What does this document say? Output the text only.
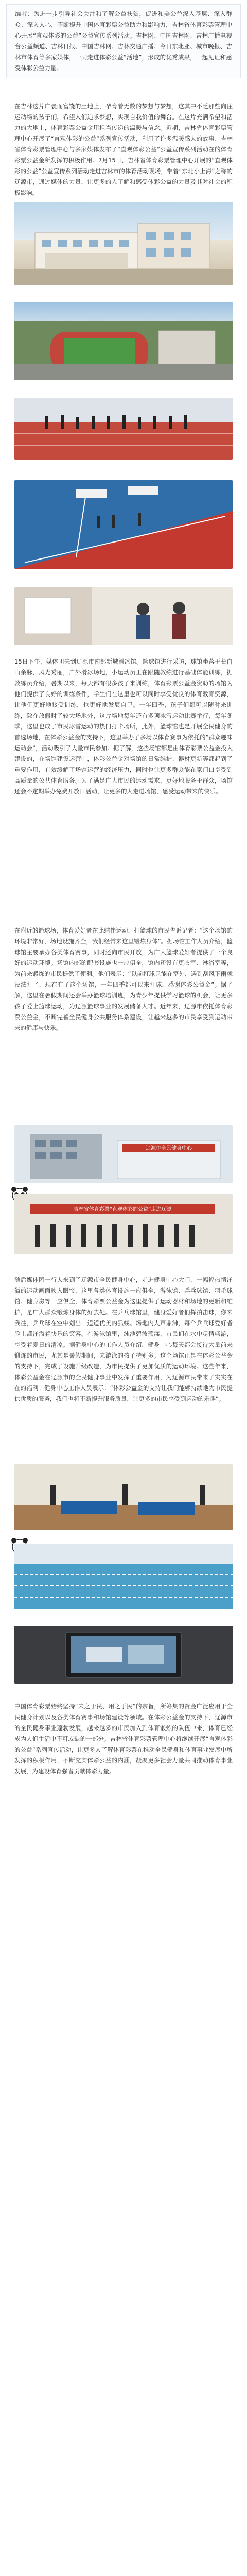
编者：为进一步引导社会关注和了解公益扶贫，促进和美公益深入基层、深入群众、深入人心，不断提升中国体育彩票公益助力和影响力，吉林省体育彩票管理中心开展“直观体彩的公益”公益宣传系列活动。吉林网、中国吉林网、吉林广播电视台公益频道、吉林日报、中国吉林网、吉林交通广播、今日东北亚、城市晚报、吉林市体育等多家媒体，一同走进体彩公益“活地”，形成的优秀成果，一起见证和感受体彩公益力量。

在吉林这片广袤而富饶的土地上，孕育着无数的梦想与梦想，这其中不乏那些向往运动场的孩子们，希望人们追求梦想，实现自我价值的舞台。在这片充满希望和活力的大地上，体育彩票公益金用担当传递的温暖与信念。近期，吉林省体育彩票管理中心开展了“直观体彩的公益”系列宣传活动，利用了许多温暖感人的故事、吉林省体育彩票管理中心与多家媒体发布了“直观体彩公益”公益宣传系列活动在的体育彩票公益金所发挥的积极作用。7月15日，吉林省体育彩票管理中心开展的“直观体彩的公益”公益宣传系列活动走进吉林市的体育活动现场，带着“东北小上海”之称的辽源市，通过媒体的力量，让更多的人了解和感受体彩公益的力量及其对社会的积极影响。

15日下午，媒体团来到辽源市南部新城滑冰馆。篮球馆进行采访，球馆坐落于长白山余脉，风光秀丽，户外滑冰场地，小运动员正在跟随教练进行基础体能训练，据教练员介绍，暑期以来，每天都有很多孩子来训练，体育彩票公益金资助的场馆为他们提供了良好的训练条件，学生们在这里也可以同时享受优良的体育教育资源，让他们更好地接受训练，也更好地发展自己。一年四季，孩子们都可以随时来训练，除在放假时了较大场地外，这片场地每年还有多项冰雪运动比赛举行，每年冬季，这里也成了市民冰雪运动的热门打卡场所，此外，篮球馆也是开展全民健身的首选场地，在体彩公益金的支持下，这里举办了多场以体育赛事为依托的“群众趣味运动会”，活动吸引了大量市民参加。据了解，这些场馆都是由体育彩票公益金投入建设的，在场馆建设运营中，体彩公益金对场馆的日常维护、器材更新等都起到了重要作用，有效缓解了场馆运营的经济压力，同时也让更多群众能在家门口享受到高质量的公共体育服务。为了满足广大市民的运动需求，更好地服务于群众，场馆还会不定期举办免费开放日活动，让更多的人走进场馆，感受运动带来的快乐。

在附近的篮球场，体育爱好者在此结伴运动，打篮球的市民告诉记者：“这个场馆的环境非常好，场地设施齐全，我们经常来这里锻炼身体”。据场馆工作人员介绍，篮球馆主要承办各类体育赛事，同时还向市民开放，为广大篮球爱好者提供了一个良好的运动环境。场馆内部的配套设施也一应俱全，馆内还设有更衣室、淋浴室等，为前来锻炼的市民提供了便利。他们表示：“以前打球只能在室外，遇到刮风下雨就没法打了，现在有了这个场馆，一年四季都可以来打球，感谢体彩公益金”。据了解，这里在暑假期间还会举办篮球培训班，为青少年提供学习篮球的机会，让更多孩子爱上篮球运动，为辽源篮球事业的发展储备人才。近年来，辽源市依托体育彩票公益金，不断完善全民健身公共服务体系建设，让越来越多的市民享受到运动带来的健康与快乐。

辽源市全民健身中心
吉林省体育彩票“直观体彩的公益”走进辽源

随后媒体团一行人来到了辽源市全民健身中心，走进健身中心大门，一幅幅热情洋溢的运动画面映入眼帘，这里各类体育设施一应俱全，游泳馆、乒乓球馆、羽毛球馆、健身房等一应俱全，体育彩票公益金为这里提供了运动器材和场地的更新和维护，是广大群众锻炼身体的好去处。在乒乓球馆里，健身爱好者们挥拍击球，你来我往，乒乓球在空中划出一道道优美的弧线。场地内人声鼎沸，每个乒乓球爱好者脸上都洋溢着快乐的笑容。在游泳馆里，泳池碧波荡漾，市民们在水中尽情畅游，享受着夏日的清凉。据健身中心的工作人员介绍，健身中心每天都会接待大量前来锻炼的市民，尤其是暑假期间，来游泳的孩子特别多。这个场馆正是在体彩公益金的支持下，完成了设施升级改造，为市民提供了更加优质的运动环境。这些年来，体彩公益金在辽源市的全民健身事业中发挥了重要作用，为辽源市民带来了实实在在的福利。健身中心工作人员表示：“体彩公益金的支持让我们能够持续地为市民提供优质的服务，我们也将不断提升服务质量，让更多的市民享受到运动的乐趣”。

中国体育彩票始终坚持“来之于民、用之于民”的宗旨，所筹集的资金广泛应用于全民健身计划以及各类体育赛事和场馆建设等领域。在体彩公益金的支持下，辽源市的全民健身事业蓬勃发展，越来越多的市民加入到体育锻炼的队伍中来，体育已经成为人们生活中不可或缺的一部分。吉林省体育彩票管理中心将继续开展“直观体彩的公益”系列宣传活动，让更多人了解体育彩票在推动全民健身和体育事业发展中所发挥的积极作用，不断充实体彩公益的内涵，凝聚更多社会力量共同推动体育事业发展，为建设体育强省贡献体彩力量。
